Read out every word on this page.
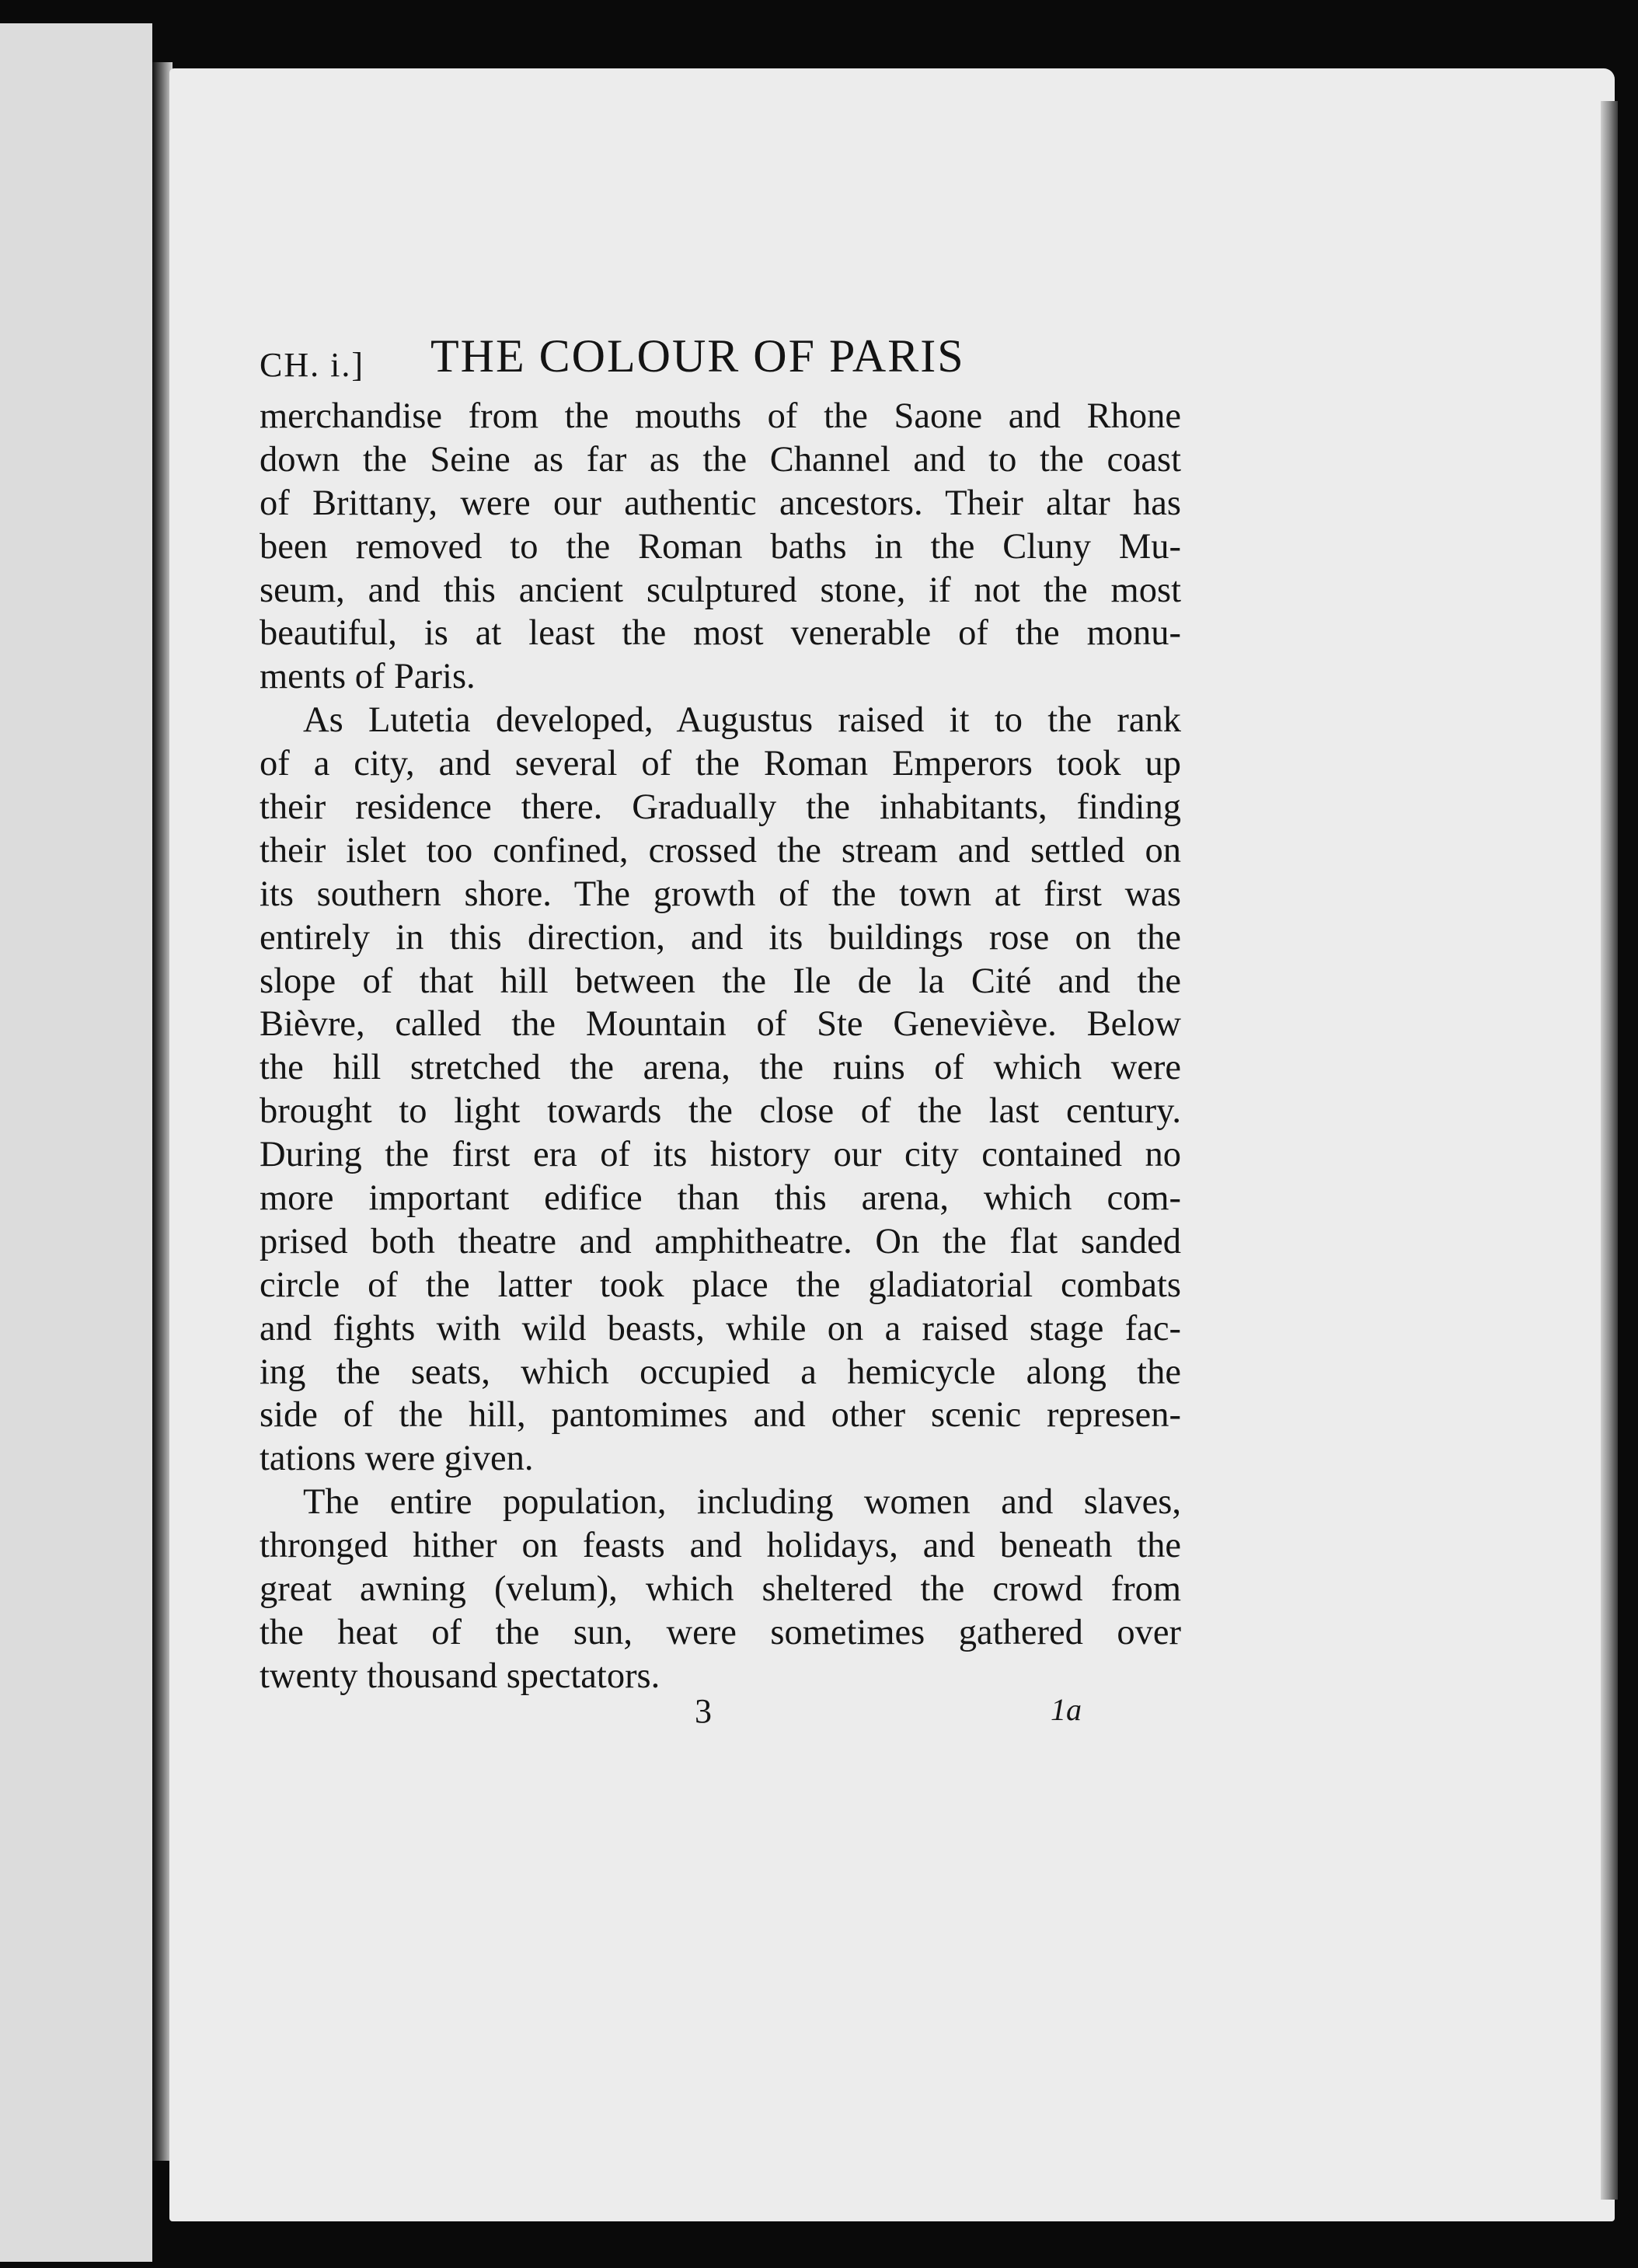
CH. i.] THE COLOUR OF PARIS
merchandise from the mouths of the Saone and Rhone
down the Seine as far as the Channel and to the coast
of Brittany, were our authentic ancestors. Their altar has
been removed to the Roman baths in the Cluny Mu-
seum, and this ancient sculptured stone, if not the most
beautiful, is at least the most venerable of the monu-
ments of Paris.
As Lutetia developed, Augustus raised it to the rank
of a city, and several of the Roman Emperors took up
their residence there. Gradually the inhabitants, finding
their islet too confined, crossed the stream and settled on
its southern shore. The growth of the town at first was
entirely in this direction, and its buildings rose on the
slope of that hill between the Ile de la Cité and the
Bièvre, called the Mountain of Ste Geneviève. Below
the hill stretched the arena, the ruins of which were
brought to light towards the close of the last century.
During the first era of its history our city contained no
more important edifice than this arena, which com-
prised both theatre and amphitheatre. On the flat sanded
circle of the latter took place the gladiatorial combats
and fights with wild beasts, while on a raised stage fac-
ing the seats, which occupied a hemicycle along the
side of the hill, pantomimes and other scenic represen-
tations were given.
The entire population, including women and slaves,
thronged hither on feasts and holidays, and beneath the
great awning (velum), which sheltered the crowd from
the heat of the sun, were sometimes gathered over
twenty thousand spectators.
3	1a
